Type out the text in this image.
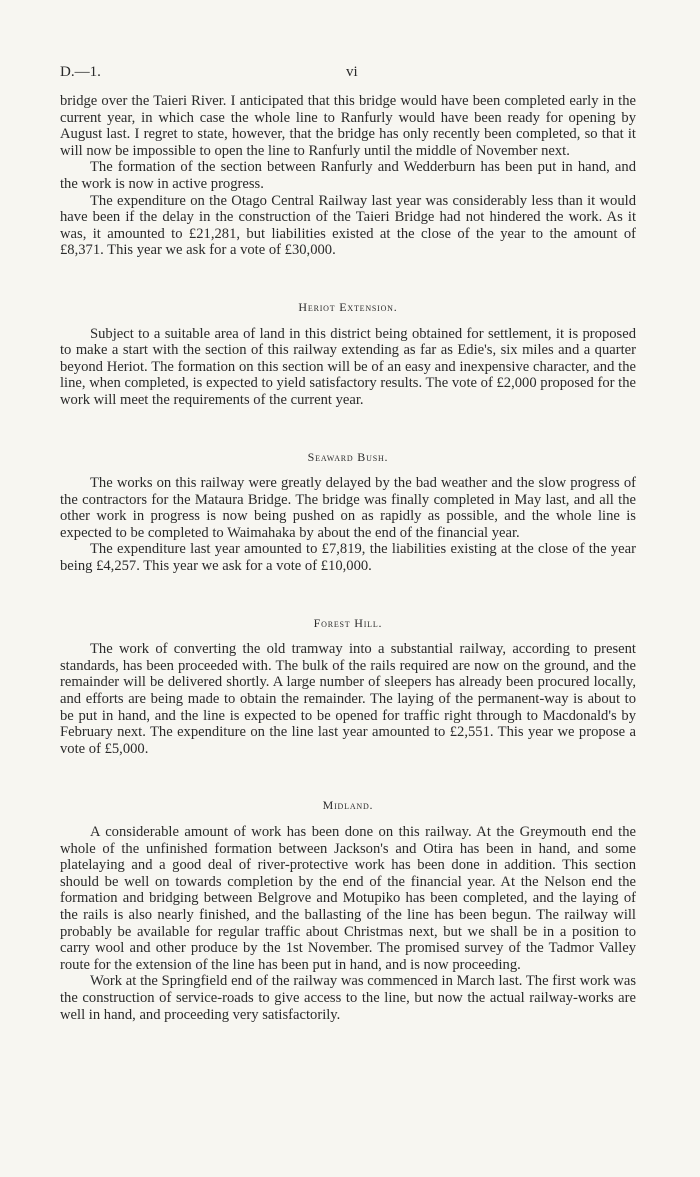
D.—1.	vi

bridge over the Taieri River. I anticipated that this bridge would have been completed early in the current year, in which case the whole line to Ranfurly would have been ready for opening by August last. I regret to state, however, that the bridge has only recently been completed, so that it will now be impossible to open the line to Ranfurly until the middle of November next.

The formation of the section between Ranfurly and Wedderburn has been put in hand, and the work is now in active progress.

The expenditure on the Otago Central Railway last year was considerably less than it would have been if the delay in the construction of the Taieri Bridge had not hindered the work. As it was, it amounted to £21,281, but liabilities existed at the close of the year to the amount of £8,371. This year we ask for a vote of £30,000.

Heriot Extension.

Subject to a suitable area of land in this district being obtained for settlement, it is proposed to make a start with the section of this railway extending as far as Edie's, six miles and a quarter beyond Heriot. The formation on this section will be of an easy and inexpensive character, and the line, when completed, is expected to yield satisfactory results. The vote of £2,000 proposed for the work will meet the requirements of the current year.

Seaward Bush.

The works on this railway were greatly delayed by the bad weather and the slow progress of the contractors for the Mataura Bridge. The bridge was finally completed in May last, and all the other work in progress is now being pushed on as rapidly as possible, and the whole line is expected to be completed to Waimahaka by about the end of the financial year.

The expenditure last year amounted to £7,819, the liabilities existing at the close of the year being £4,257. This year we ask for a vote of £10,000.

Forest Hill.

The work of converting the old tramway into a substantial railway, according to present standards, has been proceeded with. The bulk of the rails required are now on the ground, and the remainder will be delivered shortly. A large number of sleepers has already been procured locally, and efforts are being made to obtain the remainder. The laying of the permanent-way is about to be put in hand, and the line is expected to be opened for traffic right through to Macdonald's by February next. The expenditure on the line last year amounted to £2,551. This year we propose a vote of £5,000.

Midland.

A considerable amount of work has been done on this railway. At the Greymouth end the whole of the unfinished formation between Jackson's and Otira has been in hand, and some platelaying and a good deal of river-protective work has been done in addition. This section should be well on towards completion by the end of the financial year. At the Nelson end the formation and bridging between Belgrove and Motupiko has been completed, and the laying of the rails is also nearly finished, and the ballasting of the line has been begun. The railway will probably be available for regular traffic about Christmas next, but we shall be in a position to carry wool and other produce by the 1st November. The promised survey of the Tadmor Valley route for the extension of the line has been put in hand, and is now proceeding.

Work at the Springfield end of the railway was commenced in March last. The first work was the construction of service-roads to give access to the line, but now the actual railway-works are well in hand, and proceeding very satisfactorily.
